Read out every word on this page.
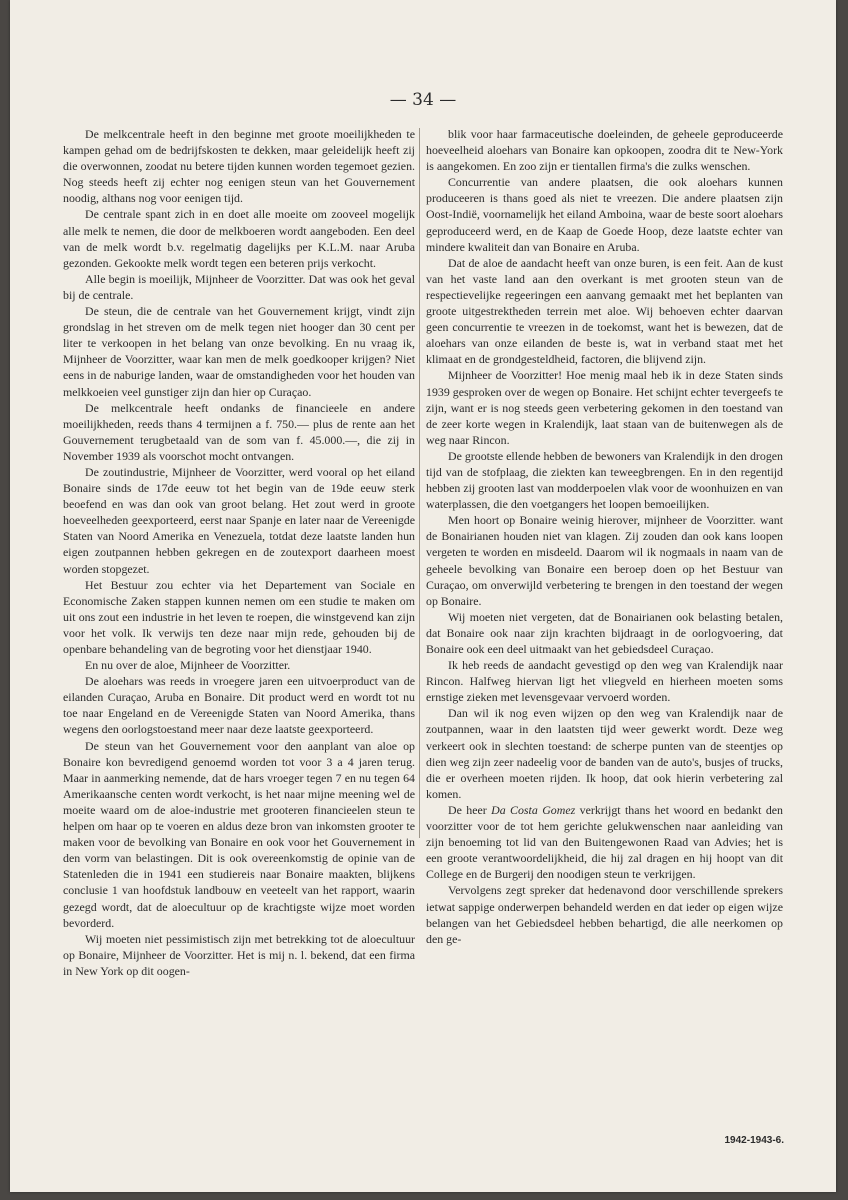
— 34 —

De melkcentrale heeft in den beginne met groote moeilijkheden te kampen gehad om de bedrijfskosten te dekken, maar geleidelijk heeft zij die overwonnen, zoodat nu betere tijden kunnen worden tegemoet gezien. Nog steeds heeft zij echter nog eenigen steun van het Gouvernement noodig, althans nog voor eenigen tijd.

De centrale spant zich in en doet alle moeite om zooveel mogelijk alle melk te nemen, die door de melkboeren wordt aangeboden. Een deel van de melk wordt b.v. regelmatig dagelijks per K.L.M. naar Aruba gezonden. Gekookte melk wordt tegen een beteren prijs verkocht.

Alle begin is moeilijk, Mijnheer de Voorzitter. Dat was ook het geval bij de centrale.

De steun, die de centrale van het Gouvernement krijgt, vindt zijn grondslag in het streven om de melk tegen niet hooger dan 30 cent per liter te verkoopen in het belang van onze bevolking. En nu vraag ik, Mijnheer de Voorzitter, waar kan men de melk goedkooper krijgen? Niet eens in de naburige landen, waar de omstandigheden voor het houden van melkkoeien veel gunstiger zijn dan hier op Curaçao.

De melkcentrale heeft ondanks de financieele en andere moeilijkheden, reeds thans 4 termijnen a f. 750.— plus de rente aan het Gouvernement terugbetaald van de som van f. 45.000.—, die zij in November 1939 als voorschot mocht ontvangen.

De zoutindustrie, Mijnheer de Voorzitter, werd vooral op het eiland Bonaire sinds de 17de eeuw tot het begin van de 19de eeuw sterk beoefend en was dan ook van groot belang. Het zout werd in groote hoeveelheden geexporteerd, eerst naar Spanje en later naar de Vereenigde Staten van Noord Amerika en Venezuela, totdat deze laatste landen hun eigen zoutpannen hebben gekregen en de zoutexport daarheen moest worden stopgezet.

Het Bestuur zou echter via het Departement van Sociale en Economische Zaken stappen kunnen nemen om een studie te maken om uit ons zout een industrie in het leven te roepen, die winstgevend kan zijn voor het volk. Ik verwijs ten deze naar mijn rede, gehouden bij de openbare behandeling van de begroting voor het dienstjaar 1940.

En nu over de aloe, Mijnheer de Voorzitter.

De aloehars was reeds in vroegere jaren een uitvoerproduct van de eilanden Curaçao, Aruba en Bonaire. Dit product werd en wordt tot nu toe naar Engeland en de Vereenigde Staten van Noord Amerika, thans wegens den oorlogstoestand meer naar deze laatste geexporteerd.

De steun van het Gouvernement voor den aanplant van aloe op Bonaire kon bevredigend genoemd worden tot voor 3 a 4 jaren terug. Maar in aanmerking nemende, dat de hars vroeger tegen 7 en nu tegen 64 Amerikaansche centen wordt verkocht, is het naar mijne meening wel de moeite waard om de aloe-industrie met grooteren financieelen steun te helpen om haar op te voeren en aldus deze bron van inkomsten grooter te maken voor de bevolking van Bonaire en ook voor het Gouvernement in den vorm van belastingen. Dit is ook overeenkomstig de opinie van de Statenleden die in 1941 een studiereis naar Bonaire maakten, blijkens conclusie 1 van hoofdstuk landbouw en veeteelt van het rapport, waarin gezegd wordt, dat de aloecultuur op de krachtigste wijze moet worden bevorderd.

Wij moeten niet pessimistisch zijn met betrekking tot de aloecultuur op Bonaire, Mijnheer de Voorzitter. Het is mij n. l. bekend, dat een firma in New York op dit oogen-

blik voor haar farmaceutische doeleinden, de geheele geproduceerde hoeveelheid aloehars van Bonaire kan opkoopen, zoodra dit te New-York is aangekomen. En zoo zijn er tientallen firma's die zulks wenschen.

Concurrentie van andere plaatsen, die ook aloehars kunnen produceeren is thans goed als niet te vreezen. Die andere plaatsen zijn Oost-Indië, voornamelijk het eiland Amboina, waar de beste soort aloehars geproduceerd werd, en de Kaap de Goede Hoop, deze laatste echter van mindere kwaliteit dan van Bonaire en Aruba.

Dat de aloe de aandacht heeft van onze buren, is een feit. Aan de kust van het vaste land aan den overkant is met grooten steun van de respectievelijke regeeringen een aanvang gemaakt met het beplanten van groote uitgestrektheden terrein met aloe. Wij behoeven echter daarvan geen concurrentie te vreezen in de toekomst, want het is bewezen, dat de aloehars van onze eilanden de beste is, wat in verband staat met het klimaat en de grondgesteldheid, factoren, die blijvend zijn.

Mijnheer de Voorzitter! Hoe menig maal heb ik in deze Staten sinds 1939 gesproken over de wegen op Bonaire. Het schijnt echter tevergeefs te zijn, want er is nog steeds geen verbetering gekomen in den toestand van de zeer korte wegen in Kralendijk, laat staan van de buitenwegen als de weg naar Rincon.

De grootste ellende hebben de bewoners van Kralendijk in den drogen tijd van de stofplaag, die ziekten kan teweegbrengen. En in den regentijd hebben zij grooten last van modderpoelen vlak voor de woonhuizen en van waterplassen, die den voetgangers het loopen bemoeilijken.

Men hoort op Bonaire weinig hierover, mijnheer de Voorzitter. want de Bonairianen houden niet van klagen. Zij zouden dan ook kans loopen vergeten te worden en misdeeld. Daarom wil ik nogmaals in naam van de geheele bevolking van Bonaire een beroep doen op het Bestuur van Curaçao, om onverwijld verbetering te brengen in den toestand der wegen op Bonaire.

Wij moeten niet vergeten, dat de Bonairianen ook belasting betalen, dat Bonaire ook naar zijn krachten bijdraagt in de oorlogvoering, dat Bonaire ook een deel uitmaakt van het gebiedsdeel Curaçao.

Ik heb reeds de aandacht gevestigd op den weg van Kralendijk naar Rincon. Halfweg hiervan ligt het vliegveld en hierheen moeten soms ernstige zieken met levensgevaar vervoerd worden.

Dan wil ik nog even wijzen op den weg van Kralendijk naar de zoutpannen, waar in den laatsten tijd weer gewerkt wordt. Deze weg verkeert ook in slechten toestand: de scherpe punten van de steentjes op dien weg zijn zeer nadeelig voor de banden van de auto's, busjes of trucks, die er overheen moeten rijden. Ik hoop, dat ook hierin verbetering zal komen.

De heer Da Costa Gomez verkrijgt thans het woord en bedankt den voorzitter voor de tot hem gerichte gelukwenschen naar aanleiding van zijn benoeming tot lid van den Buitengewonen Raad van Advies; het is een groote verantwoordelijkheid, die hij zal dragen en hij hoopt van dit College en de Burgerij den noodigen steun te verkrijgen.

Vervolgens zegt spreker dat hedenavond door verschillende sprekers ietwat sappige onderwerpen behandeld werden en dat ieder op eigen wijze belangen van het Gebiedsdeel hebben behartigd, die alle neerkomen op den ge-

1942-1943-6.
